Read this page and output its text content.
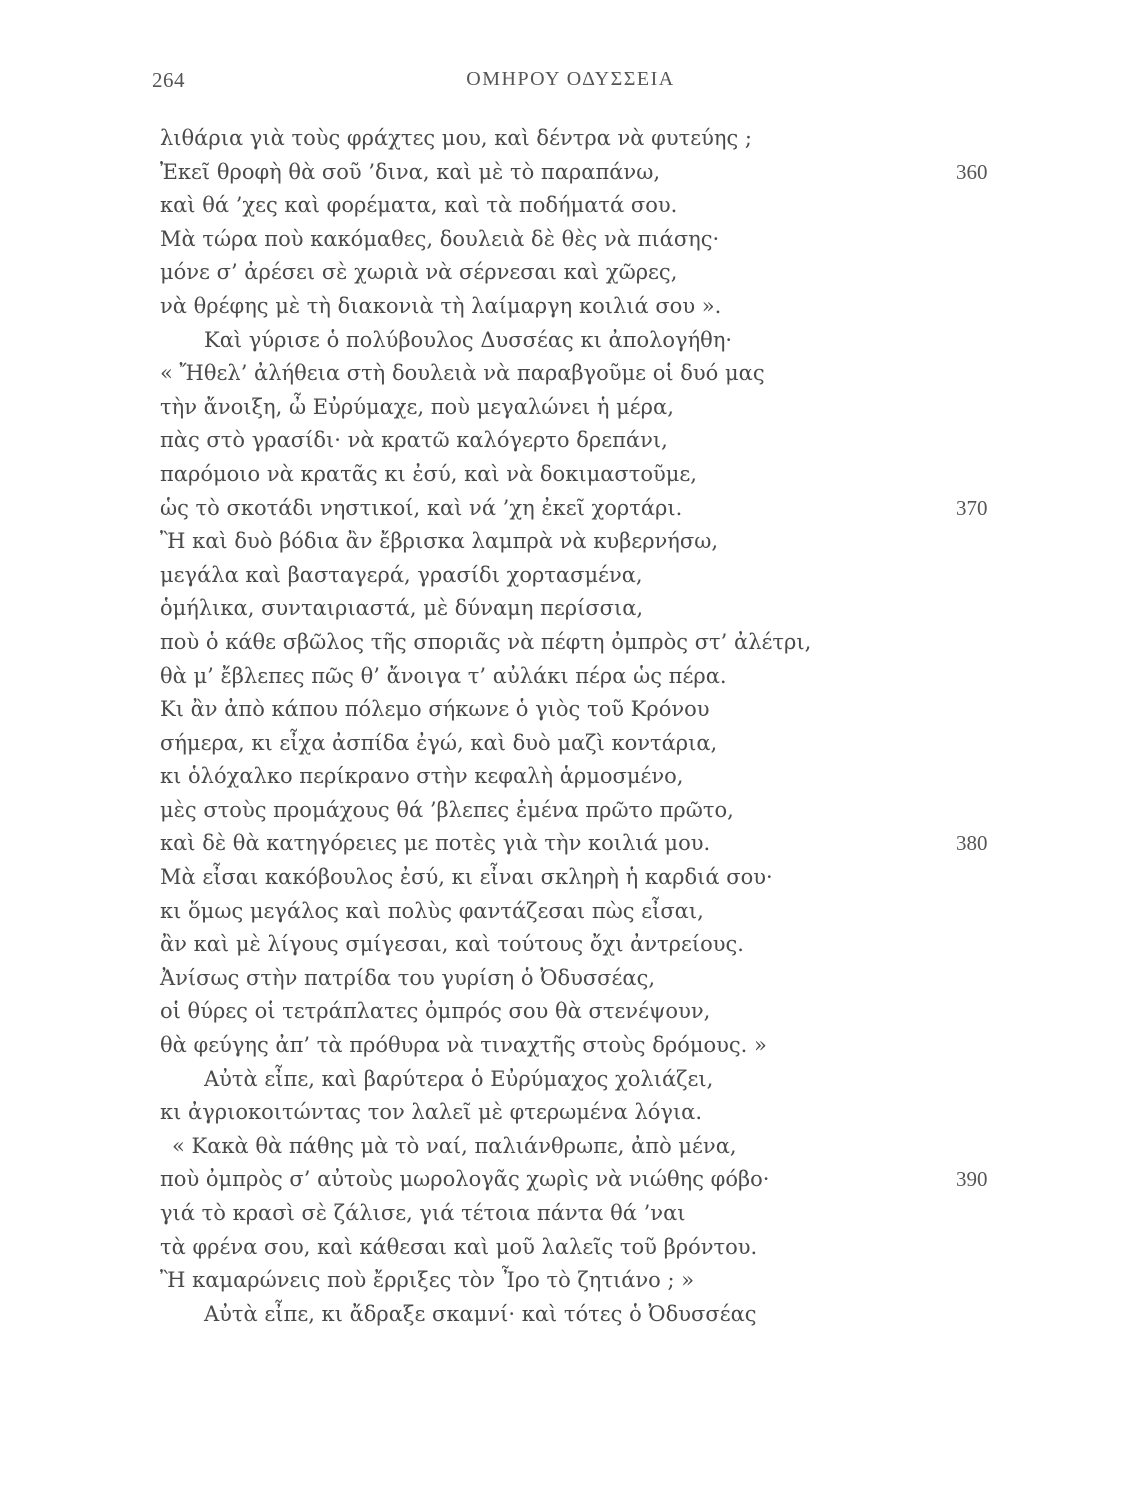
264	ΟΜΗΡΟΥ ΟΔΥΣΣΕΙΑ
λιθάρια γιὰ τοὺς φράχτες μου, καὶ δέντρα νὰ φυτεύης ;
Ἐκεῖ θροφὴ θὰ σοῦ ’δινα, καὶ μὲ τὸ παραπάνω,	360
καὶ θά ’χες καὶ φορέματα, καὶ τὰ ποδήματά σου.
Μὰ τώρα ποὺ κακόμαθες, δουλειὰ δὲ θὲς νὰ πιάσης·
μόνε σ’ ἀρέσει σὲ χωριὰ νὰ σέρνεσαι καὶ χῶρες,
νὰ θρέφης μὲ τὴ διακονιὰ τὴ λαίμαργη κοιλιά σου ».
Καὶ γύρισε ὁ πολύβουλος Δυσσέας κι ἀπολογήθη·
« Ἤθελ’ ἀλήθεια στὴ δουλειὰ νὰ παραβγοῦμε οἱ δυό μας
τὴν ἄνοιξη, ὦ Εὐρύμαχε, ποὺ μεγαλώνει ἡ μέρα,
πὰς στὸ γρασίδι· νὰ κρατῶ καλόγερτο δρεπάνι,
παρόμοιο νὰ κρατᾶς κι ἐσύ, καὶ νὰ δοκιμαστοῦμε,
ὡς τὸ σκοτάδι νηστικοί, καὶ νά ’χη ἐκεῖ χορτάρι.	370
Ἢ καὶ δυὸ βόδια ἂν ἔβρισκα λαμπρὰ νὰ κυβερνήσω,
μεγάλα καὶ βασταγερά, γρασίδι χορτασμένα,
ὁμήλικα, συνταιριαστά, μὲ δύναμη περίσσια,
ποὺ ὁ κάθε σβῶλος τῆς σποριᾶς νὰ πέφτη ὀμπρὸς στ’ ἀλέτρι,
θὰ μ’ ἔβλεπες πῶς θ’ ἄνοιγα τ’ αὐλάκι πέρα ὡς πέρα.
Κι ἂν ἀπὸ κάπου πόλεμο σήκωνε ὁ γιὸς τοῦ Κρόνου
σήμερα, κι εἶχα ἀσπίδα ἐγώ, καὶ δυὸ μαζὶ κοντάρια,
κι ὁλόχαλκο περίκρανο στὴν κεφαλὴ ἁρμοσμένο,
μὲς στοὺς προμάχους θά ’βλεπες ἐμένα πρῶτο πρῶτο,
καὶ δὲ θὰ κατηγόρειες με ποτὲς γιὰ τὴν κοιλιά μου.	380
Μὰ εἶσαι κακόβουλος ἐσύ, κι εἶναι σκληρὴ ἡ καρδιά σου·
κι ὅμως μεγάλος καὶ πολὺς φαντάζεσαι πὼς εἶσαι,
ἂν καὶ μὲ λίγους σμίγεσαι, καὶ τούτους ὄχι ἀντρείους.
Ἀνίσως στὴν πατρίδα του γυρίση ὁ Ὀδυσσέας,
οἱ θύρες οἱ τετράπλατες ὀμπρός σου θὰ στενέψουν,
θὰ φεύγης ἀπ’ τὰ πρόθυρα νὰ τιναχτῆς στοὺς δρόμους. »
Αὐτὰ εἶπε, καὶ βαρύτερα ὁ Εὐρύμαχος χολιάζει,
κι ἀγριοκοιτώντας τον λαλεῖ μὲ φτερωμένα λόγια.
« Κακὰ θὰ πάθης μὰ τὸ ναί, παλιάνθρωπε, ἀπὸ μένα,
ποὺ ὀμπρὸς σ’ αὐτοὺς μωρολογᾶς χωρὶς νὰ νιώθης φόβο·	390
γιά τὸ κρασὶ σὲ ζάλισε, γιά τέτοια πάντα θά ’ναι
τὰ φρένα σου, καὶ κάθεσαι καὶ μοῦ λαλεῖς τοῦ βρόντου.
Ἢ καμαρώνεις ποὺ ἔρριξες τὸν Ἶρο τὸ ζητιάνο ; »
Αὐτὰ εἶπε, κι ἄδραξε σκαμνί· καὶ τότες ὁ Ὀδυσσέας
